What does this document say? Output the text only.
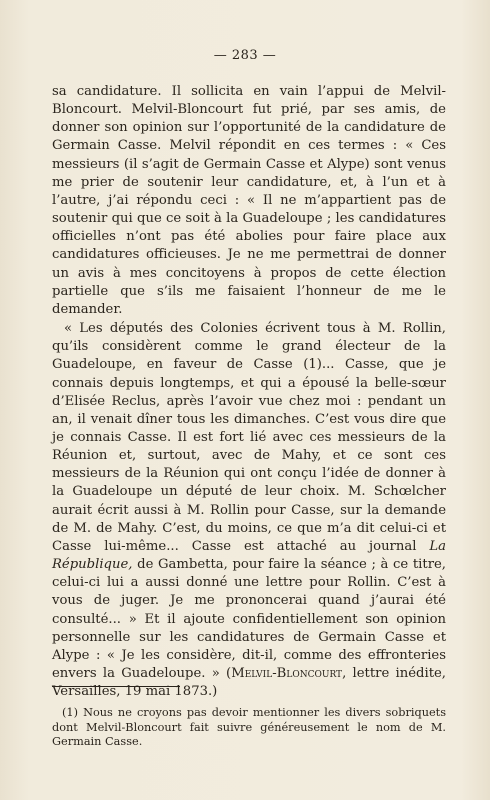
— 283 —

sa candidature. Il sollicita en vain l’appui de Melvil-Bloncourt. Melvil-Bloncourt fut prié, par ses amis, de donner son opinion sur l’opportunité de la candidature de Germain Casse. Melvil répondit en ces termes : « Ces messieurs (il s’agit de Germain Casse et Alype) sont venus me prier de soutenir leur candidature, et, à l’un et à l’autre, j’ai répondu ceci : « Il ne m’appartient pas de soutenir qui que ce soit à la Guadeloupe ; les candidatures officielles n’ont pas été abolies pour faire place aux candidatures officieuses. Je ne me permettrai de donner un avis à mes concitoyens à propos de cette élection partielle que s’ils me faisaient l’honneur de me le demander.

« Les députés des Colonies écrivent tous à M. Rollin, qu’ils considèrent comme le grand électeur de la Guadeloupe, en faveur de Casse (1)... Casse, que je connais depuis longtemps, et qui a épousé la belle-sœur d’Elisée Reclus, après l’avoir vue chez moi : pendant un an, il venait dîner tous les dimanches. C’est vous dire que je connais Casse. Il est fort lié avec ces messieurs de la Réunion et, surtout, avec de Mahy, et ce sont ces messieurs de la Réunion qui ont conçu l’idée de donner à la Guadeloupe un député de leur choix. M. Schœlcher aurait écrit aussi à M. Rollin pour Casse, sur la demande de M. de Mahy. C’est, du moins, ce que m’a dit celui-ci et Casse lui-même... Casse est attaché au journal La République, de Gambetta, pour faire la séance ; à ce titre, celui-ci lui a aussi donné une lettre pour Rollin. C’est à vous de juger. Je me prononcerai quand j’aurai été consulté... » Et il ajoute confidentiellement son opinion personnelle sur les candidatures de Germain Casse et Alype : « Je les considère, dit-il, comme des effronteries envers la Guadeloupe. » (Melvil-Bloncourt, lettre inédite, Versailles, 19 mai 1873.)

(1) Nous ne croyons pas devoir mentionner les divers sobriquets dont Melvil-Bloncourt fait suivre généreusement le nom de M. Germain Casse.
